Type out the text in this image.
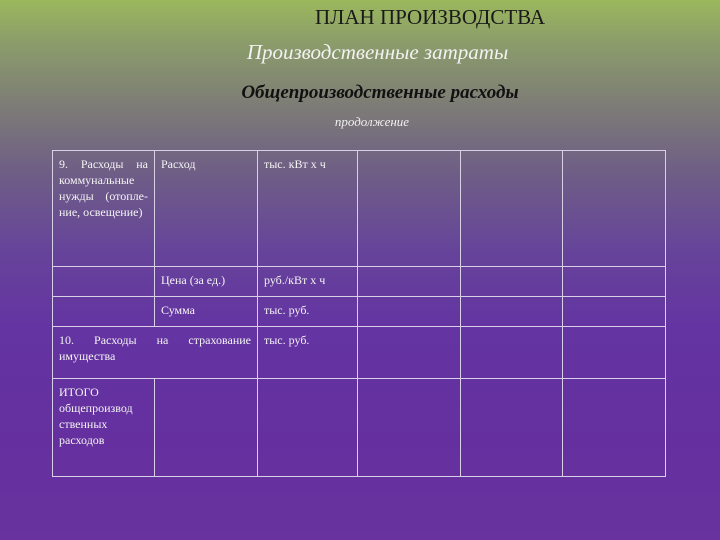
ПЛАН ПРОИЗВОДСТВА
Производственные затраты
Общепроизводственные расходы
продолжение
9. Расходы на коммунальные нужды (отопле-ние, освещение)	Расход	тыс. кВт х ч			
	Цена (за ед.)	руб./кВт х ч			
	Сумма	тыс. руб.			
10. Расходы на страхование имущества		тыс. руб.			
ИТОГО общепроизвод ственных расходов					
